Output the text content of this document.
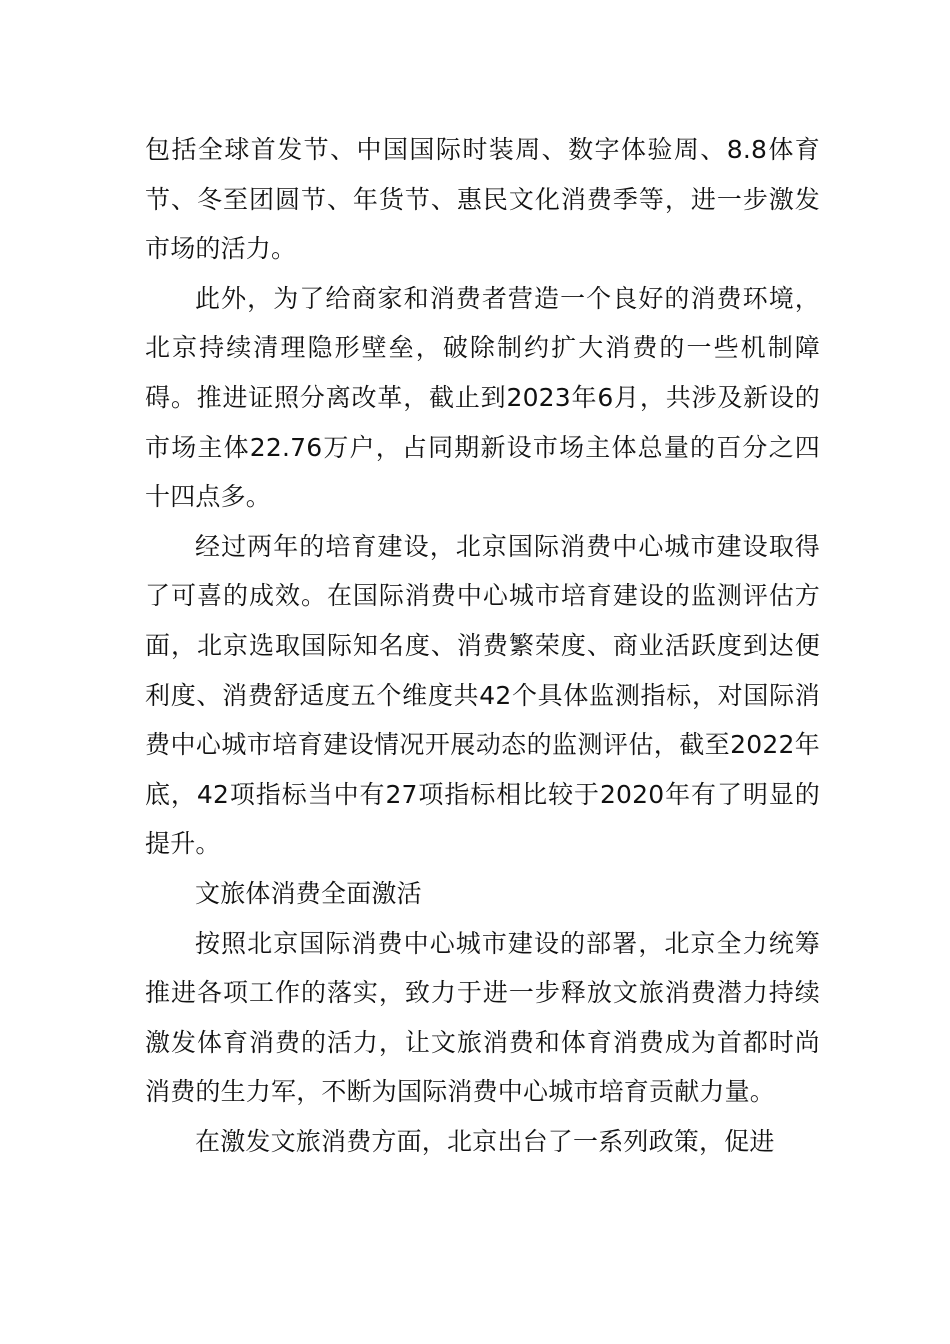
包括全球首发节、中国国际时装周、数字体验周、8.8体育节、冬至团圆节、年货节、惠民文化消费季等，进一步激发市场的活力。

此外，为了给商家和消费者营造一个良好的消费环境，北京持续清理隐形壁垒，破除制约扩大消费的一些机制障碍。推进证照分离改革，截止到2023年6月，共涉及新设的市场主体22.76万户，占同期新设市场主体总量的百分之四十四点多。

经过两年的培育建设，北京国际消费中心城市建设取得了可喜的成效。在国际消费中心城市培育建设的监测评估方面，北京选取国际知名度、消费繁荣度、商业活跃度到达便利度、消费舒适度五个维度共42个具体监测指标，对国际消费中心城市培育建设情况开展动态的监测评估，截至2022年底，42项指标当中有27项指标相比较于2020年有了明显的提升。

文旅体消费全面激活

按照北京国际消费中心城市建设的部署，北京全力统筹推进各项工作的落实，致力于进一步释放文旅消费潜力持续激发体育消费的活力，让文旅消费和体育消费成为首都时尚消费的生力军，不断为国际消费中心城市培育贡献力量。

在激发文旅消费方面，北京出台了一系列政策，促进
